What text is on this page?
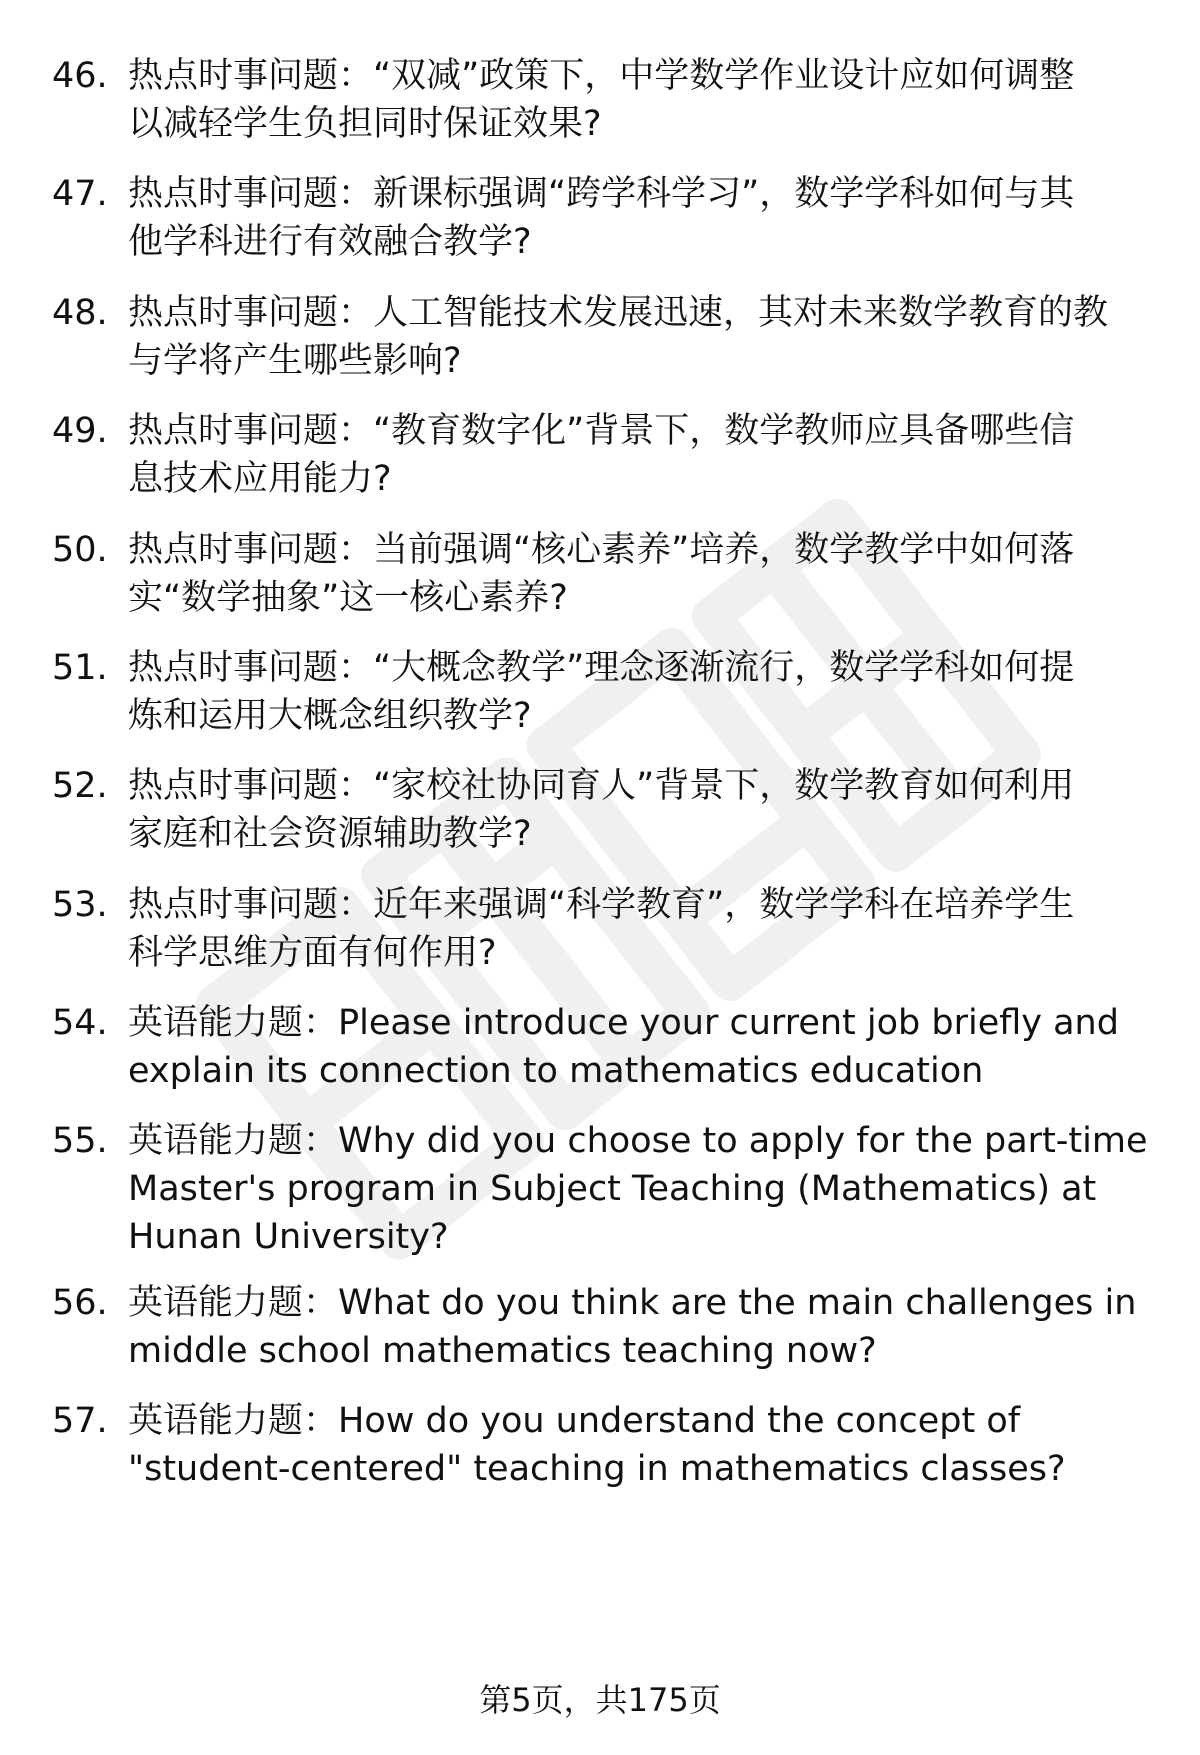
46. 热点时事问题：“双减”政策下，中学数学作业设计应如何调整
以减轻学生负担同时保证效果?
47. 热点时事问题：新课标强调“跨学科学习”，数学学科如何与其
他学科进行有效融合教学?
48. 热点时事问题：人工智能技术发展迅速，其对未来数学教育的教
与学将产生哪些影响?
49. 热点时事问题：“教育数字化”背景下，数学教师应具备哪些信
息技术应用能力?
50. 热点时事问题：当前强调“核心素养”培养，数学教学中如何落
实“数学抽象”这一核心素养?
51. 热点时事问题：“大概念教学”理念逐渐流行，数学学科如何提
炼和运用大概念组织教学?
52. 热点时事问题：“家校社协同育人”背景下，数学教育如何利用
家庭和社会资源辅助教学?
53. 热点时事问题：近年来强调“科学教育”，数学学科在培养学生
科学思维方面有何作用?
54. 英语能力题：Please introduce your current job briefly and
explain its connection to mathematics education
55. 英语能力题：Why did you choose to apply for the part-time
Master's program in Subject Teaching (Mathematics) at
Hunan University?
56. 英语能力题：What do you think are the main challenges in
middle school mathematics teaching now?
57. 英语能力题：How do you understand the concept of
"student-centered" teaching in mathematics classes?
第5页，共175页
